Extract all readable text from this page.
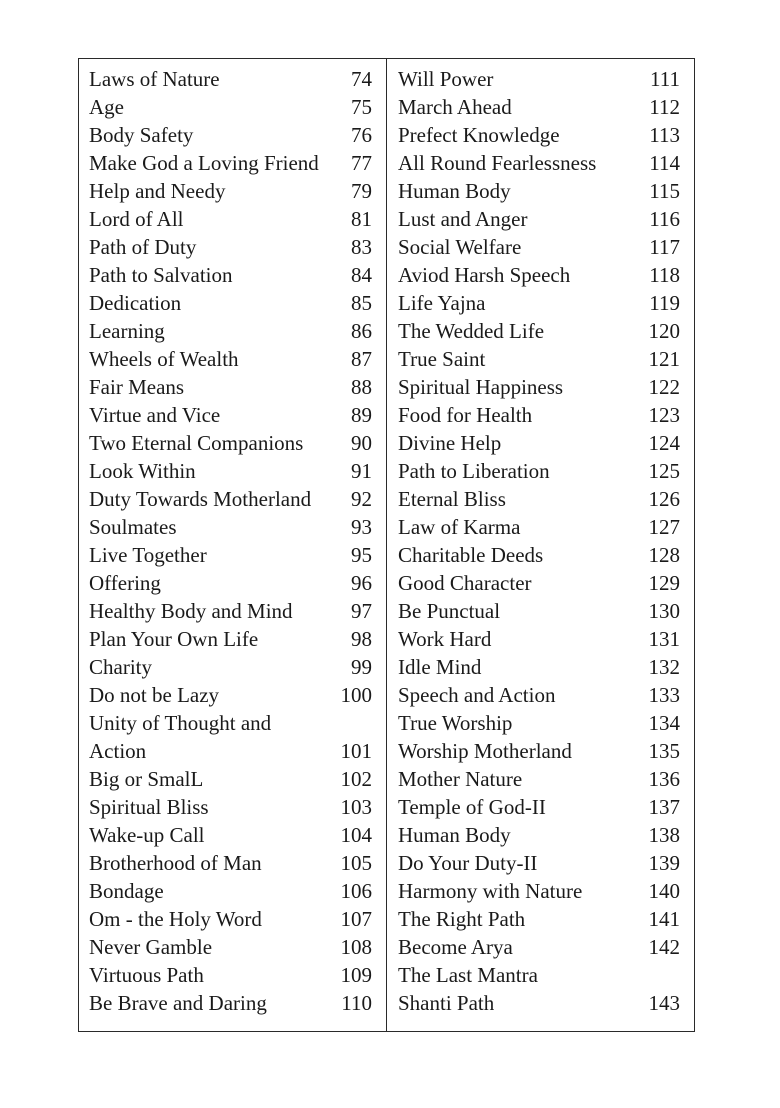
Laws of Nature	74
Age	75
Body Safety	76
Make God a Loving Friend	77
Help and Needy	79
Lord of All	81
Path of Duty	83
Path to Salvation	84
Dedication	85
Learning	86
Wheels of Wealth	87
Fair Means	88
Virtue and Vice	89
Two Eternal Companions	90
Look Within	91
Duty Towards Motherland	92
Soulmates	93
Live Together	95
Offering	96
Healthy Body and Mind	97
Plan Your Own Life	98
Charity	99
Do not be Lazy	100
Unity of Thought and
Action	101
Big or SmalL	102
Spiritual Bliss	103
Wake-up Call	104
Brotherhood of Man	105
Bondage	106
Om - the Holy Word	107
Never Gamble	108
Virtuous Path	109
Be Brave and Daring	110
Will Power	111
March Ahead	112
Prefect Knowledge	113
All Round Fearlessness	114
Human Body	115
Lust and Anger	116
Social Welfare	117
Aviod Harsh Speech	118
Life Yajna	119
The Wedded Life	120
True Saint	121
Spiritual Happiness	122
Food for Health	123
Divine Help	124
Path to Liberation	125
Eternal Bliss	126
Law of Karma	127
Charitable Deeds	128
Good Character	129
Be Punctual	130
Work Hard	131
Idle Mind	132
Speech and Action	133
True Worship	134
Worship Motherland	135
Mother Nature	136
Temple of God-II	137
Human Body	138
Do Your Duty-II	139
Harmony with Nature	140
The Right Path	141
Become Arya	142
The Last Mantra
Shanti Path	143
